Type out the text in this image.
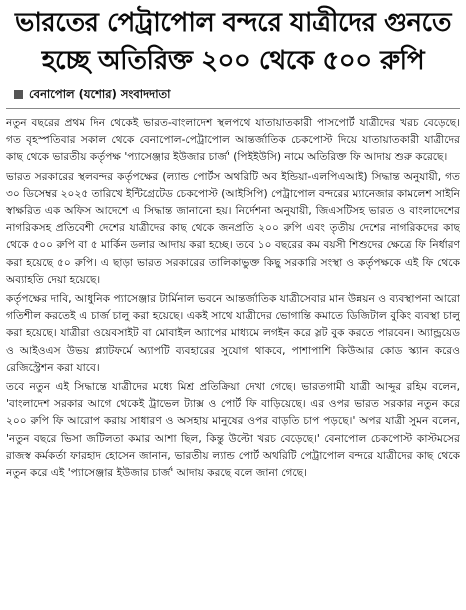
ভারতের পেট্রাপোল বন্দরে যাত্রীদের গুনতে
হচ্ছে অতিরিক্ত ২০০ থেকে ৫০০ রুপি
বেনাপোল (যশোর) সংবাদদাতা

নতুন বছরের প্রথম দিন থেকেই ভারত-বাংলাদেশ স্থলপথে যাতায়াতকারী পাসপোর্ট যাত্রীদের খরচ বেড়েছে। গত বৃহস্পতিবার সকাল থেকে বেনাপোল-পেট্রাপোল আন্তর্জাতিক চেকপোস্ট দিয়ে যাতায়াতকারী যাত্রীদের কাছ থেকে ভারতীয় কর্তৃপক্ষ 'প্যাসেঞ্জার ইউজার চার্জ' (পিইইউসি) নামে অতিরিক্ত ফি আদায় শুরু করেছে।

ভারত সরকারের স্থলবন্দর কর্তৃপক্ষের (ল্যান্ড পোর্টস অথরিটি অব ইন্ডিয়া-এলপিএআই) সিদ্ধান্ত অনুযায়ী, গত ৩০ ডিসেম্বর ২০২৫ তারিখে ইন্টিগ্রেটেড চেকপোস্ট (আইসিপি) পেট্রাপোল বন্দরের ম্যানেজার কামলেশ সাইনি স্বাক্ষরিত এক অফিস আদেশে এ সিদ্ধান্ত জানানো হয়। নির্দেশনা অনুযায়ী, জিএসটিসহ ভারত ও বাংলাদেশের নাগরিকসহ প্রতিবেশী দেশের যাত্রীদের কাছ থেকে জনপ্রতি ২০০ রুপি এবং তৃতীয় দেশের নাগরিকদের কাছ থেকে ৫০০ রুপি বা ৫ মার্কিন ডলার আদায় করা হচ্ছে। তবে ১০ বছরের কম বয়সী শিশুদের ক্ষেত্রে ফি নির্ধারণ করা হয়েছে ৫০ রুপি। এ ছাড়া ভারত সরকারের তালিকাভুক্ত কিছু সরকারি সংস্থা ও কর্তৃপক্ষকে এই ফি থেকে অব্যাহতি দেয়া হয়েছে।

কর্তৃপক্ষের দাবি, আধুনিক প্যাসেঞ্জার টার্মিনাল ভবনে আন্তর্জাতিক যাত্রীসেবার মান উন্নয়ন ও ব্যবস্থাপনা আরো গতিশীল করতেই এ চার্জ চালু করা হয়েছে। একই সাথে যাত্রীদের ভোগান্তি কমাতে ডিজিটাল বুকিং ব্যবস্থা চালু করা হয়েছে। যাত্রীরা ওয়েবসাইট বা মোবাইল অ্যাপের মাধ্যমে লগইন করে স্লট বুক করতে পারবেন। অ্যান্ড্রয়েড ও আইওএস উভয় প্ল্যাটফর্মে অ্যাপটি ব্যবহারের সুযোগ থাকবে, পাশাপাশি কিউআর কোড স্ক্যান করেও রেজিস্ট্রেশন করা যাবে।

তবে নতুন এই সিদ্ধান্তে যাত্রীদের মধ্যে মিশ্র প্রতিক্রিয়া দেখা গেছে। ভারতগামী যাত্রী আব্দুর রহিম বলেন, 'বাংলাদেশ সরকার আগে থেকেই ট্রাভেল ট্যাক্স ও পোর্ট ফি বাড়িয়েছে। এর ওপর ভারত সরকার নতুন করে ২০০ রুপি ফি আরোপ করায় সাধারণ ও অসহায় মানুষের ওপর বাড়তি চাপ পড়ছে।' অপর যাত্রী সুমন বলেন, 'নতুন বছরে ভিসা জটিলতা কমার আশা ছিল, কিন্তু উল্টো খরচ বেড়েছে।' বেনাপোল চেকপোস্ট কাস্টমসের রাজস্ব কর্মকর্তা ফারহাদ হোসেন জানান, ভারতীয় ল্যান্ড পোর্ট অথরিটি পেট্রাপোল বন্দরে যাত্রীদের কাছ থেকে নতুন করে এই 'প্যাসেঞ্জার ইউজার চার্জ' আদায় করছে বলে জানা গেছে।
